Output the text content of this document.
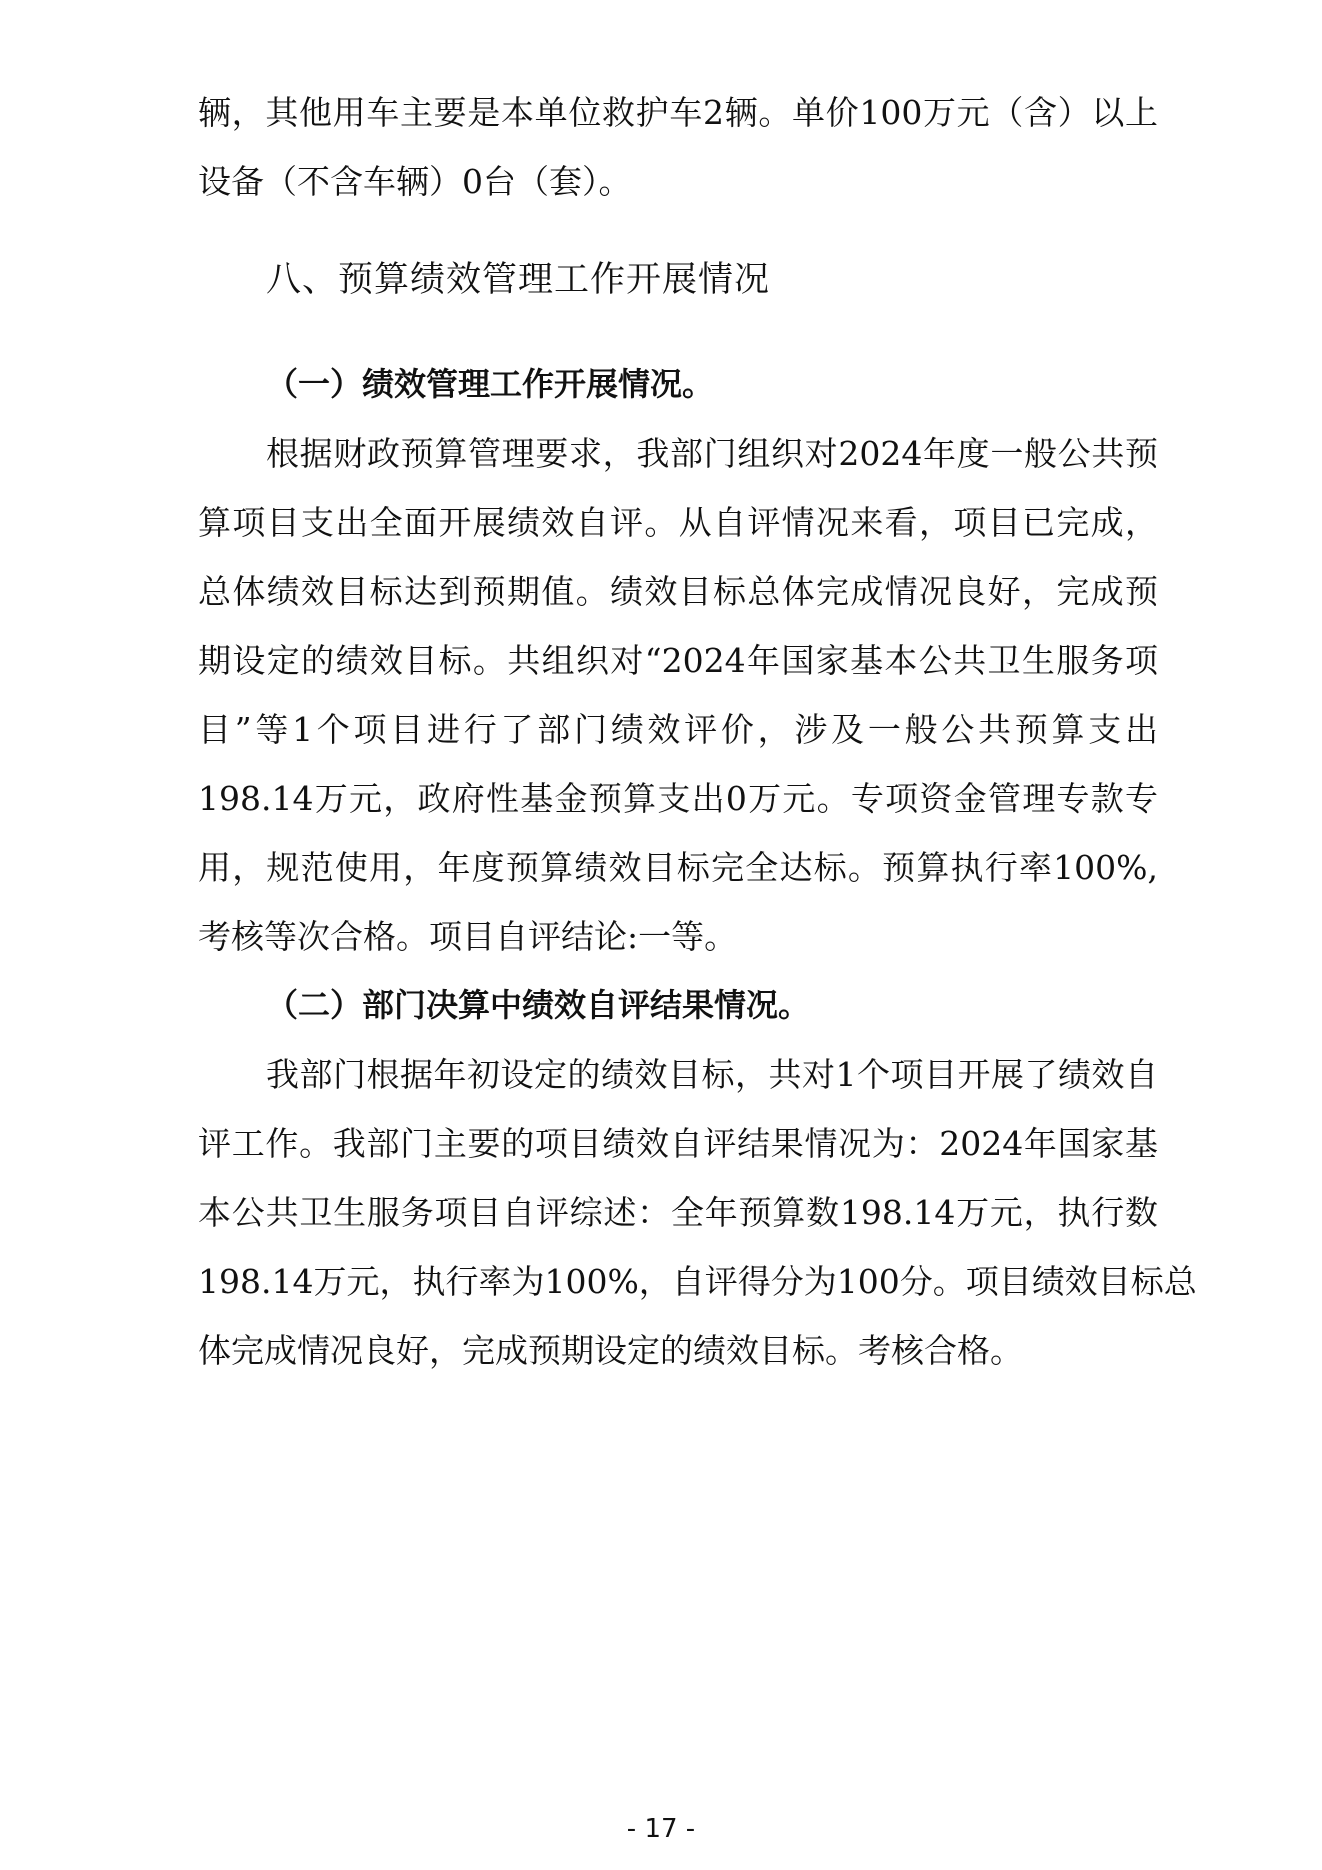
辆，其他用车主要是本单位救护车2辆。单价100万元（含）以上
设备（不含车辆）0台（套）。
八、预算绩效管理工作开展情况
（一）绩效管理工作开展情况。
根据财政预算管理要求，我部门组织对2024年度一般公共预
算项目支出全面开展绩效自评。从自评情况来看，项目已完成，
总体绩效目标达到预期值。绩效目标总体完成情况良好，完成预
期设定的绩效目标。共组织对“2024年国家基本公共卫生服务项
目”等1个项目进行了部门绩效评价，涉及一般公共预算支出
198.14万元，政府性基金预算支出0万元。专项资金管理专款专
用，规范使用，年度预算绩效目标完全达标。预算执行率100%,
考核等次合格。项目自评结论:一等。
（二）部门决算中绩效自评结果情况。
我部门根据年初设定的绩效目标，共对1个项目开展了绩效自
评工作。我部门主要的项目绩效自评结果情况为：2024年国家基
本公共卫生服务项目自评综述：全年预算数198.14万元，执行数
198.14万元，执行率为100%，自评得分为100分。项目绩效目标总
体完成情况良好，完成预期设定的绩效目标。考核合格。
- 17 -
